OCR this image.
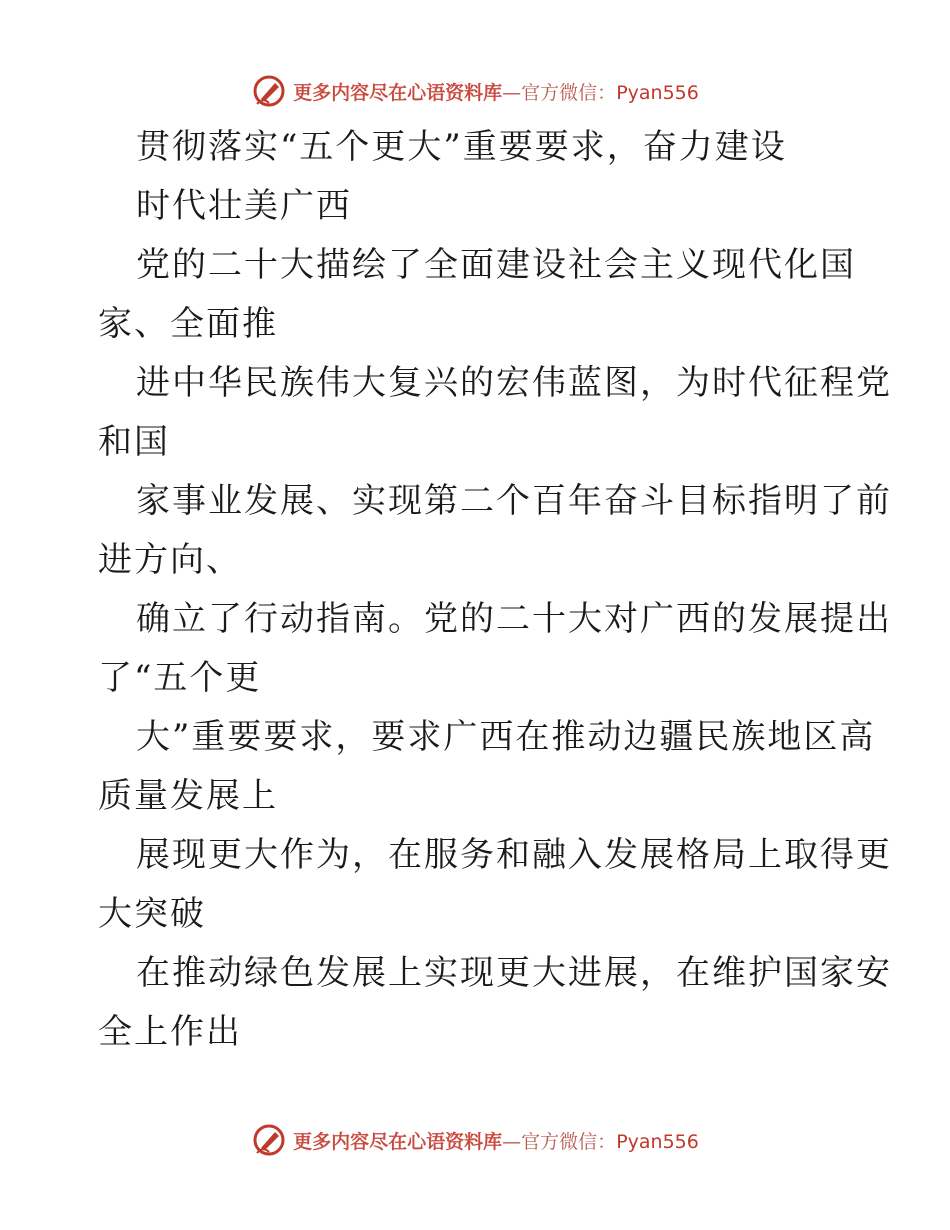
更多内容尽在心语资料库—官方微信：Pyan556
贯彻落实“五个更大”重要要求，奋力建设
时代壮美广西
党的二十大描绘了全面建设社会主义现代化国
家、全面推
进中华民族伟大复兴的宏伟蓝图，为时代征程党
和国
家事业发展、实现第二个百年奋斗目标指明了前
进方向、
确立了行动指南。党的二十大对广西的发展提出
了“五个更
大”重要要求，要求广西在推动边疆民族地区高
质量发展上
展现更大作为，在服务和融入发展格局上取得更
大突破
在推动绿色发展上实现更大进展，在维护国家安
全上作出
更多内容尽在心语资料库—官方微信：Pyan556
